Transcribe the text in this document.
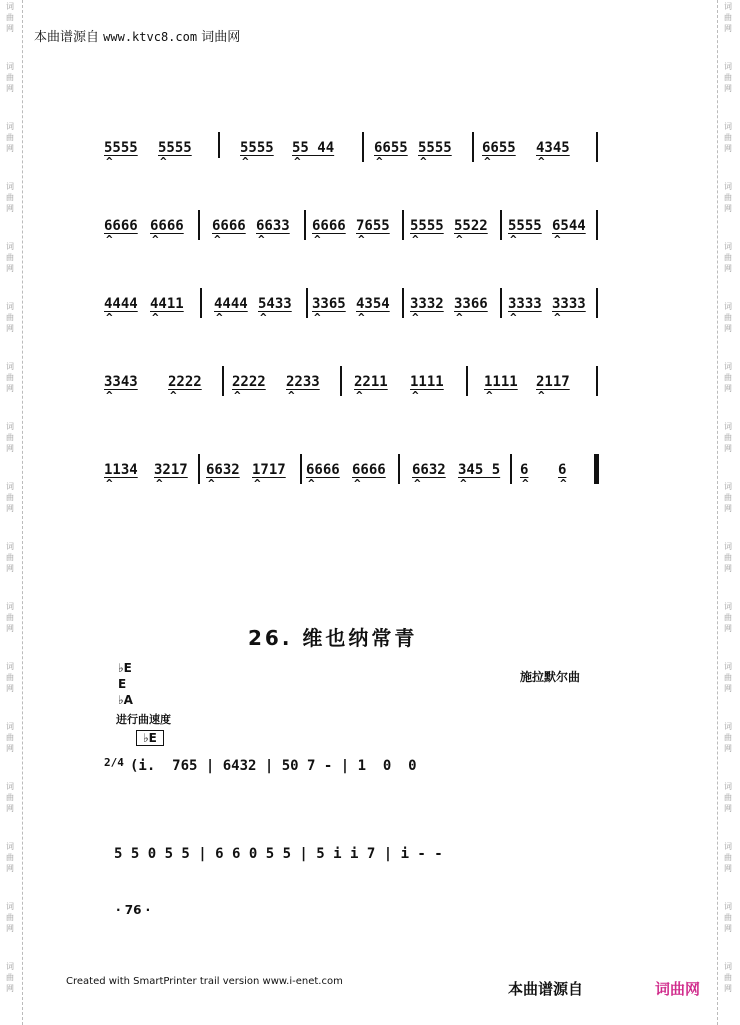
词
曲
网
词
曲
网
词
曲
网
词
曲
网
词
曲
网
词
曲
网
词
曲
网
词
曲
网
词
曲
网
词
曲
网
词
曲
网
词
曲
网
词
曲
网
词
曲
网
词
曲
网
词
曲
网
词
曲
网
词
曲
网
词
曲
网
词
曲
网
词
曲
网
词
曲
网
词
曲
网
词
曲
网
词
曲
网
词
曲
网
词
曲
网
词
曲
网
词
曲
网
词
曲
网
词
曲
网
词
曲
网
词
曲
网
词
曲
网
本曲谱源自 www.ktvc8.com 词曲网
5555
^
5555
^
5555
^
55 44
^
6655
^
5555
^
6655
^
4345
^
6666
^
6666
^
6666
^
6633
^
6666
^
7655
^
5555
^
5522
^
5555
^
6544
^
4444
^
4411
^
4444
^
5433
^
3365
^
4354
^
3332
^
3366
^
3333
^
3333
^
3343
^
2222
^
2222
^
2233
^
2211
^
1111
^
1111
^
2117
^
1134
^
3217
^
6632
^
1717
^
6666
^
6666
^
6632
^
345 5
^
6
^
6
^
26. 维也纳常青
施拉默尔曲
♭E
E
♭A
进行曲速度
♭E
2/4 (i.  765 | 6432 | 50 7 - | 1  0  0
5 5 0 5 5 | 6 6 0 5 5 | 5 i i 7 | i - -
· 76 ·
Created with SmartPrinter trail version www.i-enet.com	本曲谱源自	词曲网
